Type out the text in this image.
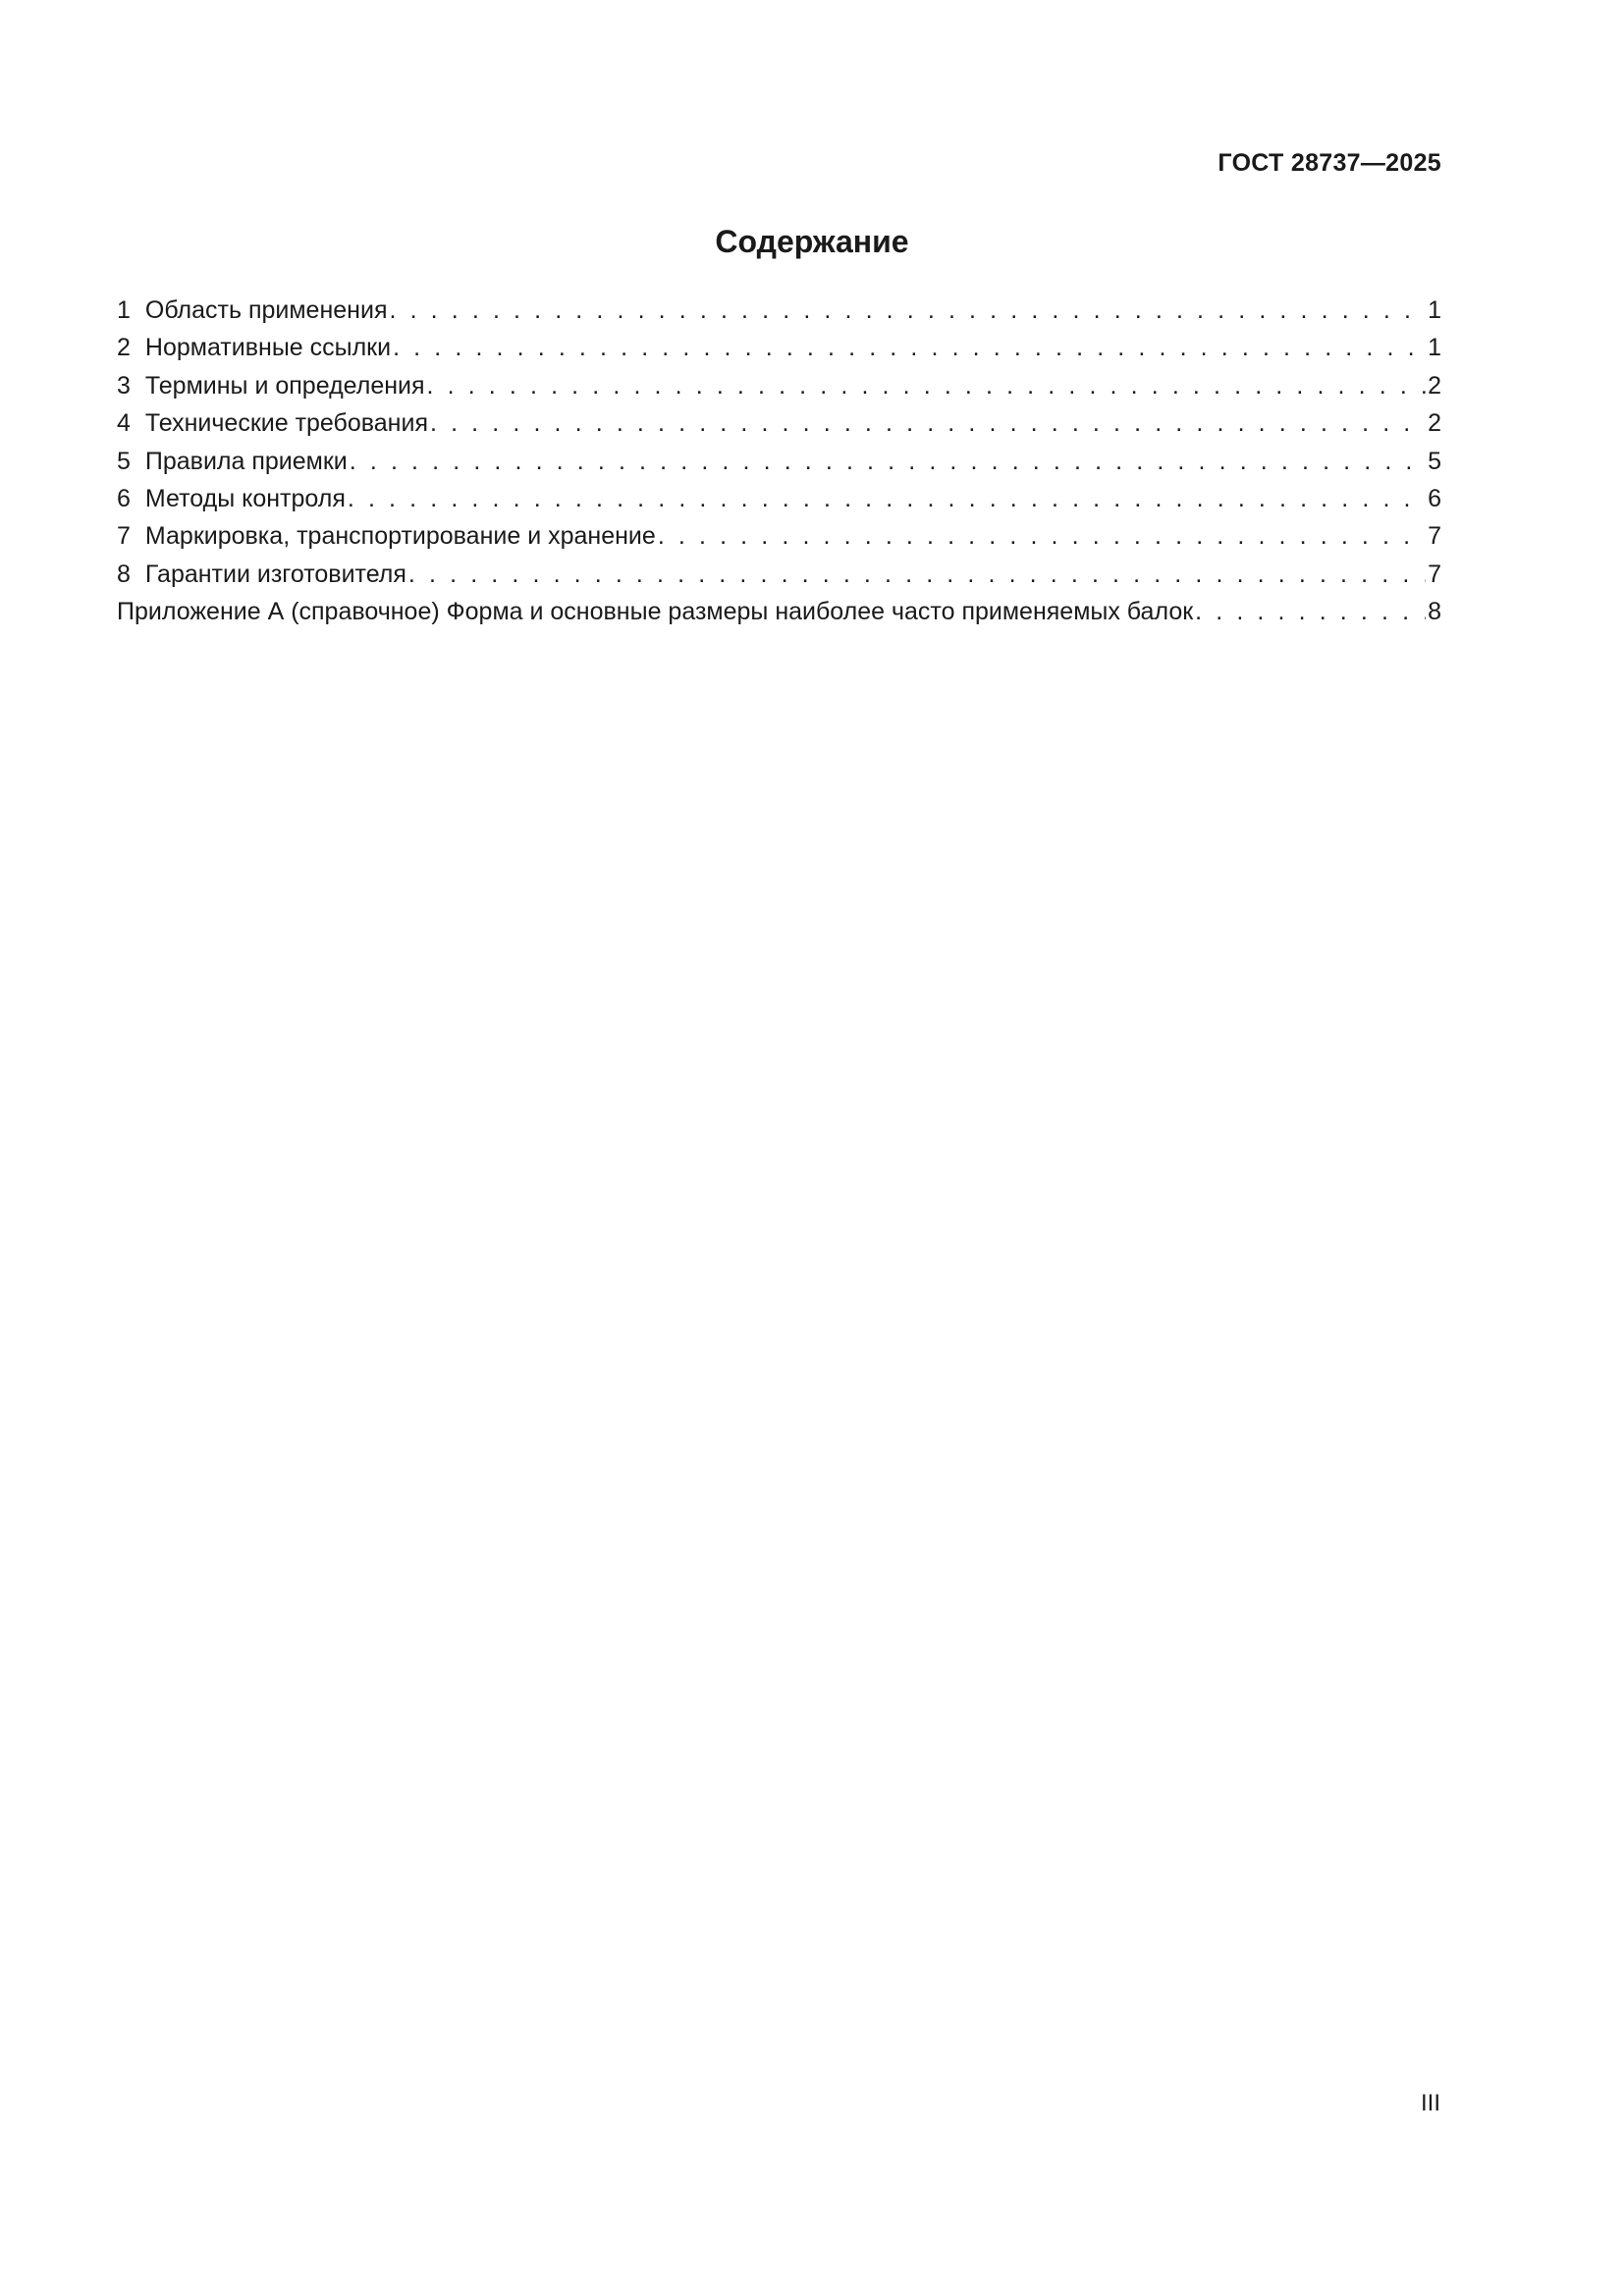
ГОСТ 28737—2025
Содержание
1 Область применения . . .	1
2 Нормативные ссылки . . .	1
3 Термины и определения . . .	2
4 Технические требования . . .	2
5 Правила приемки . . .	5
6 Методы контроля . . .	6
7 Маркировка, транспортирование и хранение . . .	7
8 Гарантии изготовителя . . .	7
Приложение А (справочное) Форма и основные размеры наиболее часто применяемых балок . . .	8
III
